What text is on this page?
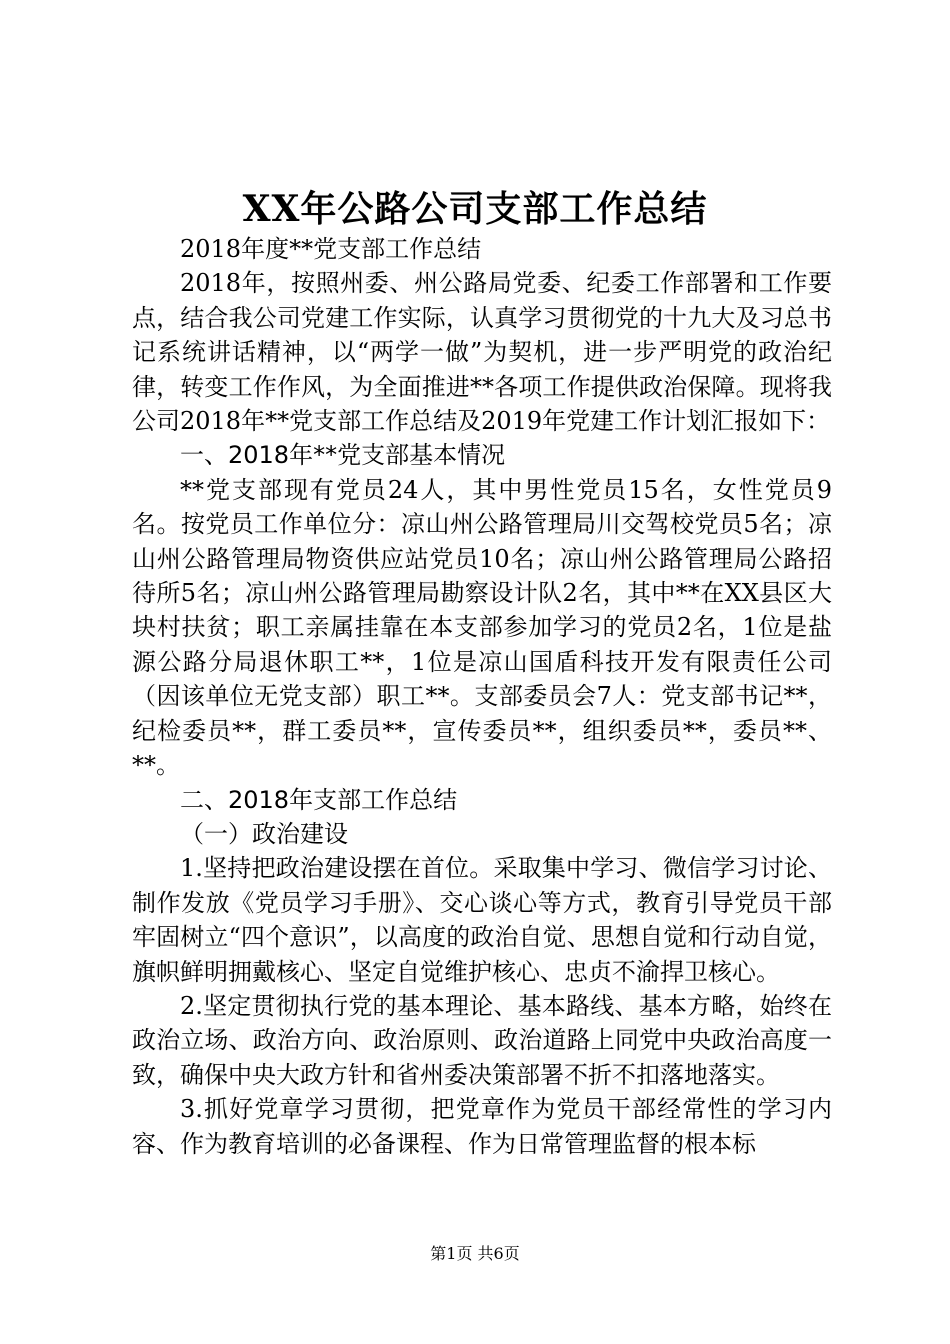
XX年公路公司支部工作总结

2018年度**党支部工作总结

2018年，按照州委、州公路局党委、纪委工作部署和工作要点，结合我公司党建工作实际，认真学习贯彻党的十九大及习总书记系统讲话精神，以“两学一做”为契机，进一步严明党的政治纪律，转变工作作风，为全面推进**各项工作提供政治保障。现将我公司2018年**党支部工作总结及2019年党建工作计划汇报如下：

一、2018年**党支部基本情况

**党支部现有党员24人，其中男性党员15名，女性党员9名。按党员工作单位分：凉山州公路管理局川交驾校党员5名；凉山州公路管理局物资供应站党员10名；凉山州公路管理局公路招待所5名；凉山州公路管理局勘察设计队2名，其中**在XX县区大块村扶贫；职工亲属挂靠在本支部参加学习的党员2名，1位是盐源公路分局退休职工**，1位是凉山国盾科技开发有限责任公司（因该单位无党支部）职工**。支部委员会7人：党支部书记**，纪检委员**，群工委员**，宣传委员**，组织委员**，委员**、**。

二、2018年支部工作总结

（一）政治建设

1.坚持把政治建设摆在首位。采取集中学习、微信学习讨论、制作发放《党员学习手册》、交心谈心等方式，教育引导党员干部牢固树立“四个意识”，以高度的政治自觉、思想自觉和行动自觉，旗帜鲜明拥戴核心、坚定自觉维护核心、忠贞不渝捍卫核心。

2.坚定贯彻执行党的基本理论、基本路线、基本方略，始终在政治立场、政治方向、政治原则、政治道路上同党中央政治高度一致，确保中央大政方针和省州委决策部署不折不扣落地落实。

3.抓好党章学习贯彻，把党章作为党员干部经常性的学习内容、作为教育培训的必备课程、作为日常管理监督的根本标

第1页 共6页
